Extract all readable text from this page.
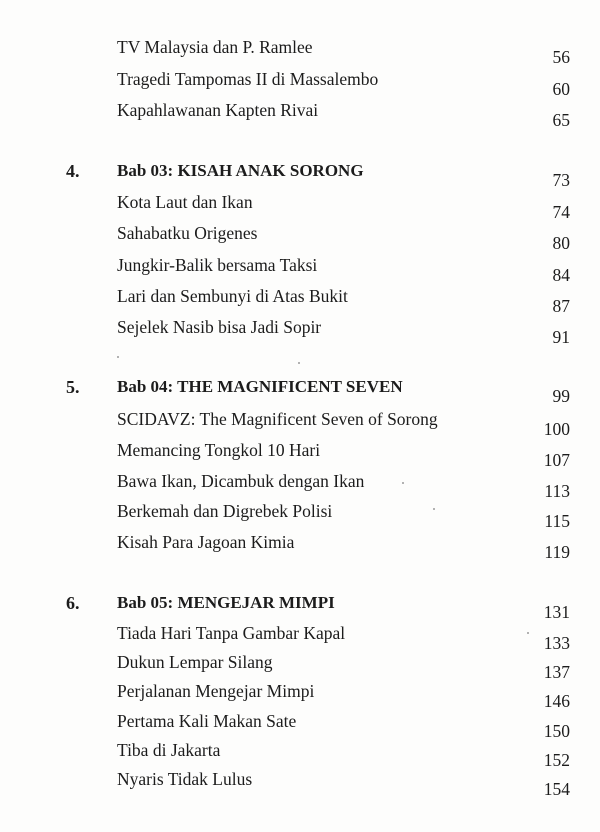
TV Malaysia dan P. Ramlee	56
Tragedi Tampomas II di Massalembo	60
Kapahlawanan Kapten Rivai	65
4. Bab 03: KISAH ANAK SORONG	73
Kota Laut dan Ikan	74
Sahabatku Origenes	80
Jungkir-Balik bersama Taksi	84
Lari dan Sembunyi di Atas Bukit	87
Sejelek Nasib bisa Jadi Sopir	91
5. Bab 04: THE MAGNIFICENT SEVEN	99
SCIDAVZ: The Magnificent Seven of Sorong	100
Memancing Tongkol 10 Hari	107
Bawa Ikan, Dicambuk dengan Ikan	113
Berkemah dan Digrebek Polisi	115
Kisah Para Jagoan Kimia	119
6. Bab 05: MENGEJAR MIMPI	131
Tiada Hari Tanpa Gambar Kapal	133
Dukun Lempar Silang	137
Perjalanan Mengejar Mimpi	146
Pertama Kali Makan Sate	150
Tiba di Jakarta	152
Nyaris Tidak Lulus	154
